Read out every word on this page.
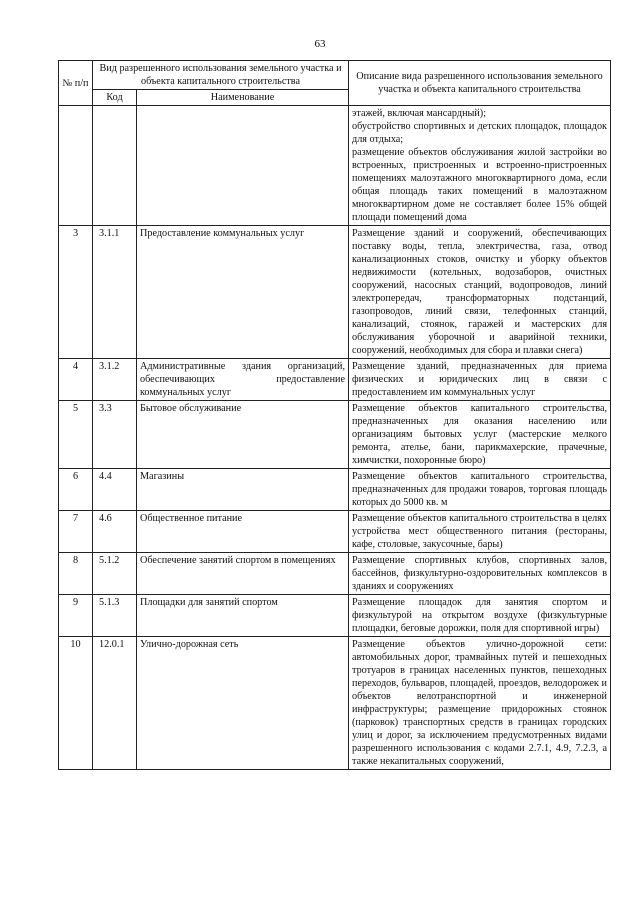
63
№ п/п	Вид разрешенного использования земельного участка и объекта капитального строительства		Описание вида разрешенного использования земельного участка и объекта капитального строительства
	Код	Наименование	

			этажей, включая мансардный);
обустройство спортивных и детских площадок, площадок для отдыха;
размещение объектов обслуживания жилой застройки во встроенных, пристроенных и встроенно-пристроенных помещениях малоэтажного многоквартирного дома, если общая площадь таких помещений в малоэтажном многоквартирном доме не составляет более 15% общей площади помещений дома

3	3.1.1	Предоставление коммунальных услуг	Размещение зданий и сооружений, обеспечивающих поставку воды, тепла, электричества, газа, отвод канализационных стоков, очистку и уборку объектов недвижимости (котельных, водозаборов, очистных сооружений, насосных станций, водопроводов, линий электропередач, трансформаторных подстанций, газопроводов, линий связи, телефонных станций, канализаций, стоянок, гаражей и мастерских для обслуживания уборочной и аварийной техники, сооружений, необходимых для сбора и плавки снега)
4	3.1.2	Административные здания организаций, обеспечивающих предоставление коммунальных услуг	Размещение зданий, предназначенных для приема физических и юридических лиц в связи с предоставлением им коммунальных услуг
5	3.3	Бытовое обслуживание	Размещение объектов капитального строительства, предназначенных для оказания населению или организациям бытовых услуг (мастерские мелкого ремонта, ателье, бани, парикмахерские, прачечные, химчистки, похоронные бюро)
6	4.4	Магазины	Размещение объектов капитального строительства, предназначенных для продажи товаров, торговая площадь которых до 5000 кв. м
7	4.6	Общественное питание	Размещение объектов капитального строительства в целях устройства мест общественного питания (рестораны, кафе, столовые, закусочные, бары)
8	5.1.2	Обеспечение занятий спортом в помещениях	Размещение спортивных клубов, спортивных залов, бассейнов, физкультурно-оздоровительных комплексов в зданиях и сооружениях
9	5.1.3	Площадки для занятий спортом	Размещение площадок для занятия спортом и физкультурой на открытом воздухе (физкультурные площадки, беговые дорожки, поля для спортивной игры)
10	12.0.1	Улично-дорожная сеть	Размещение объектов улично-дорожной сети: автомобильных дорог, трамвайных путей и пешеходных тротуаров в границах населенных пунктов, пешеходных переходов, бульваров, площадей, проездов, велодорожек и объектов велотранспортной и инженерной инфраструктуры; размещение придорожных стоянок (парковок) транспортных средств в границах городских улиц и дорог, за исключением предусмотренных видами разрешенного использования с кодами 2.7.1, 4.9, 7.2.3, а также некапитальных сооружений,
